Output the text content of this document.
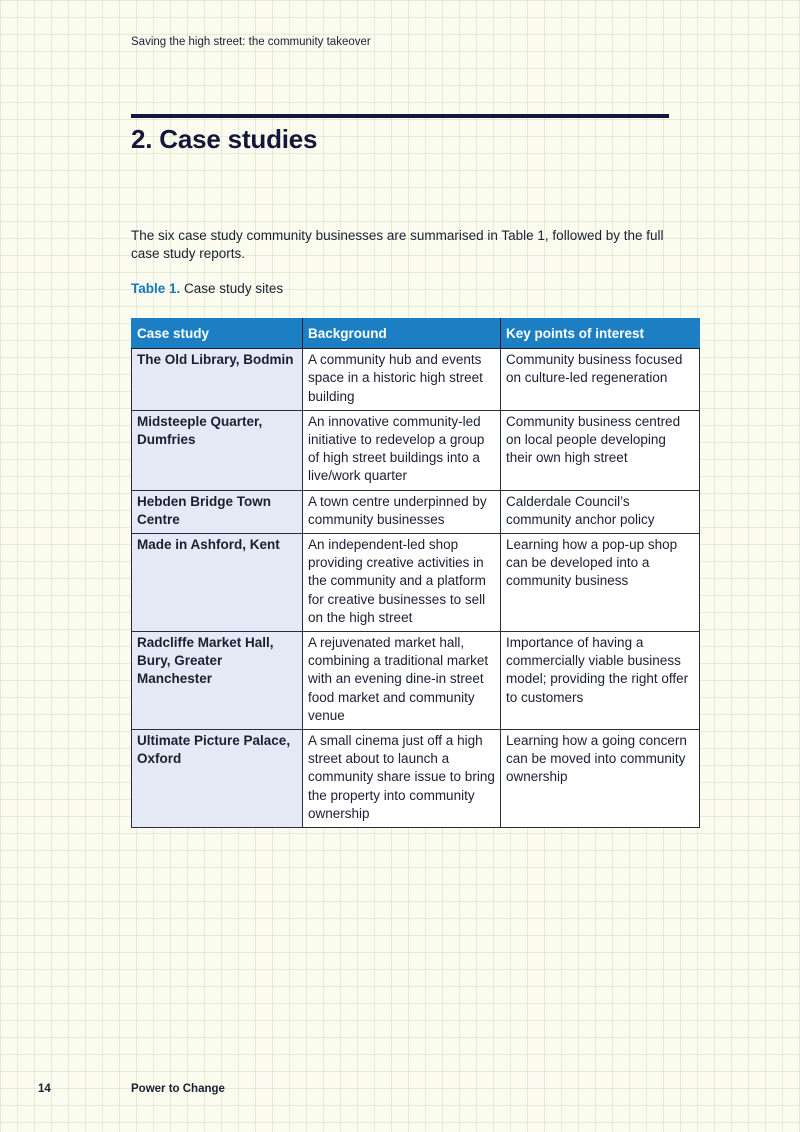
Saving the high street: the community takeover
2. Case studies

The six case study community businesses are summarised in Table 1, followed by the full case study reports.

Table 1. Case study sites

Case study	Background	Key points of interest
The Old Library, Bodmin	A community hub and events space in a historic high street building	Community business focused on culture-led regeneration
Midsteeple Quarter, Dumfries	An innovative community-led initiative to redevelop a group of high street buildings into a live/work quarter	Community business centred on local people developing their own high street
Hebden Bridge Town Centre	A town centre underpinned by community businesses	Calderdale Council’s community anchor policy
Made in Ashford, Kent	An independent-led shop providing creative activities in the community and a platform for creative businesses to sell on the high street	Learning how a pop-up shop can be developed into a community business
Radcliffe Market Hall, Bury, Greater Manchester	A rejuvenated market hall, combining a traditional market with an evening dine-in street food market and community venue	Importance of having a commercially viable business model; providing the right offer to customers
Ultimate Picture Palace, Oxford	A small cinema just off a high street about to launch a community share issue to bring the property into community ownership	Learning how a going concern can be moved into community ownership
14	Power to Change
